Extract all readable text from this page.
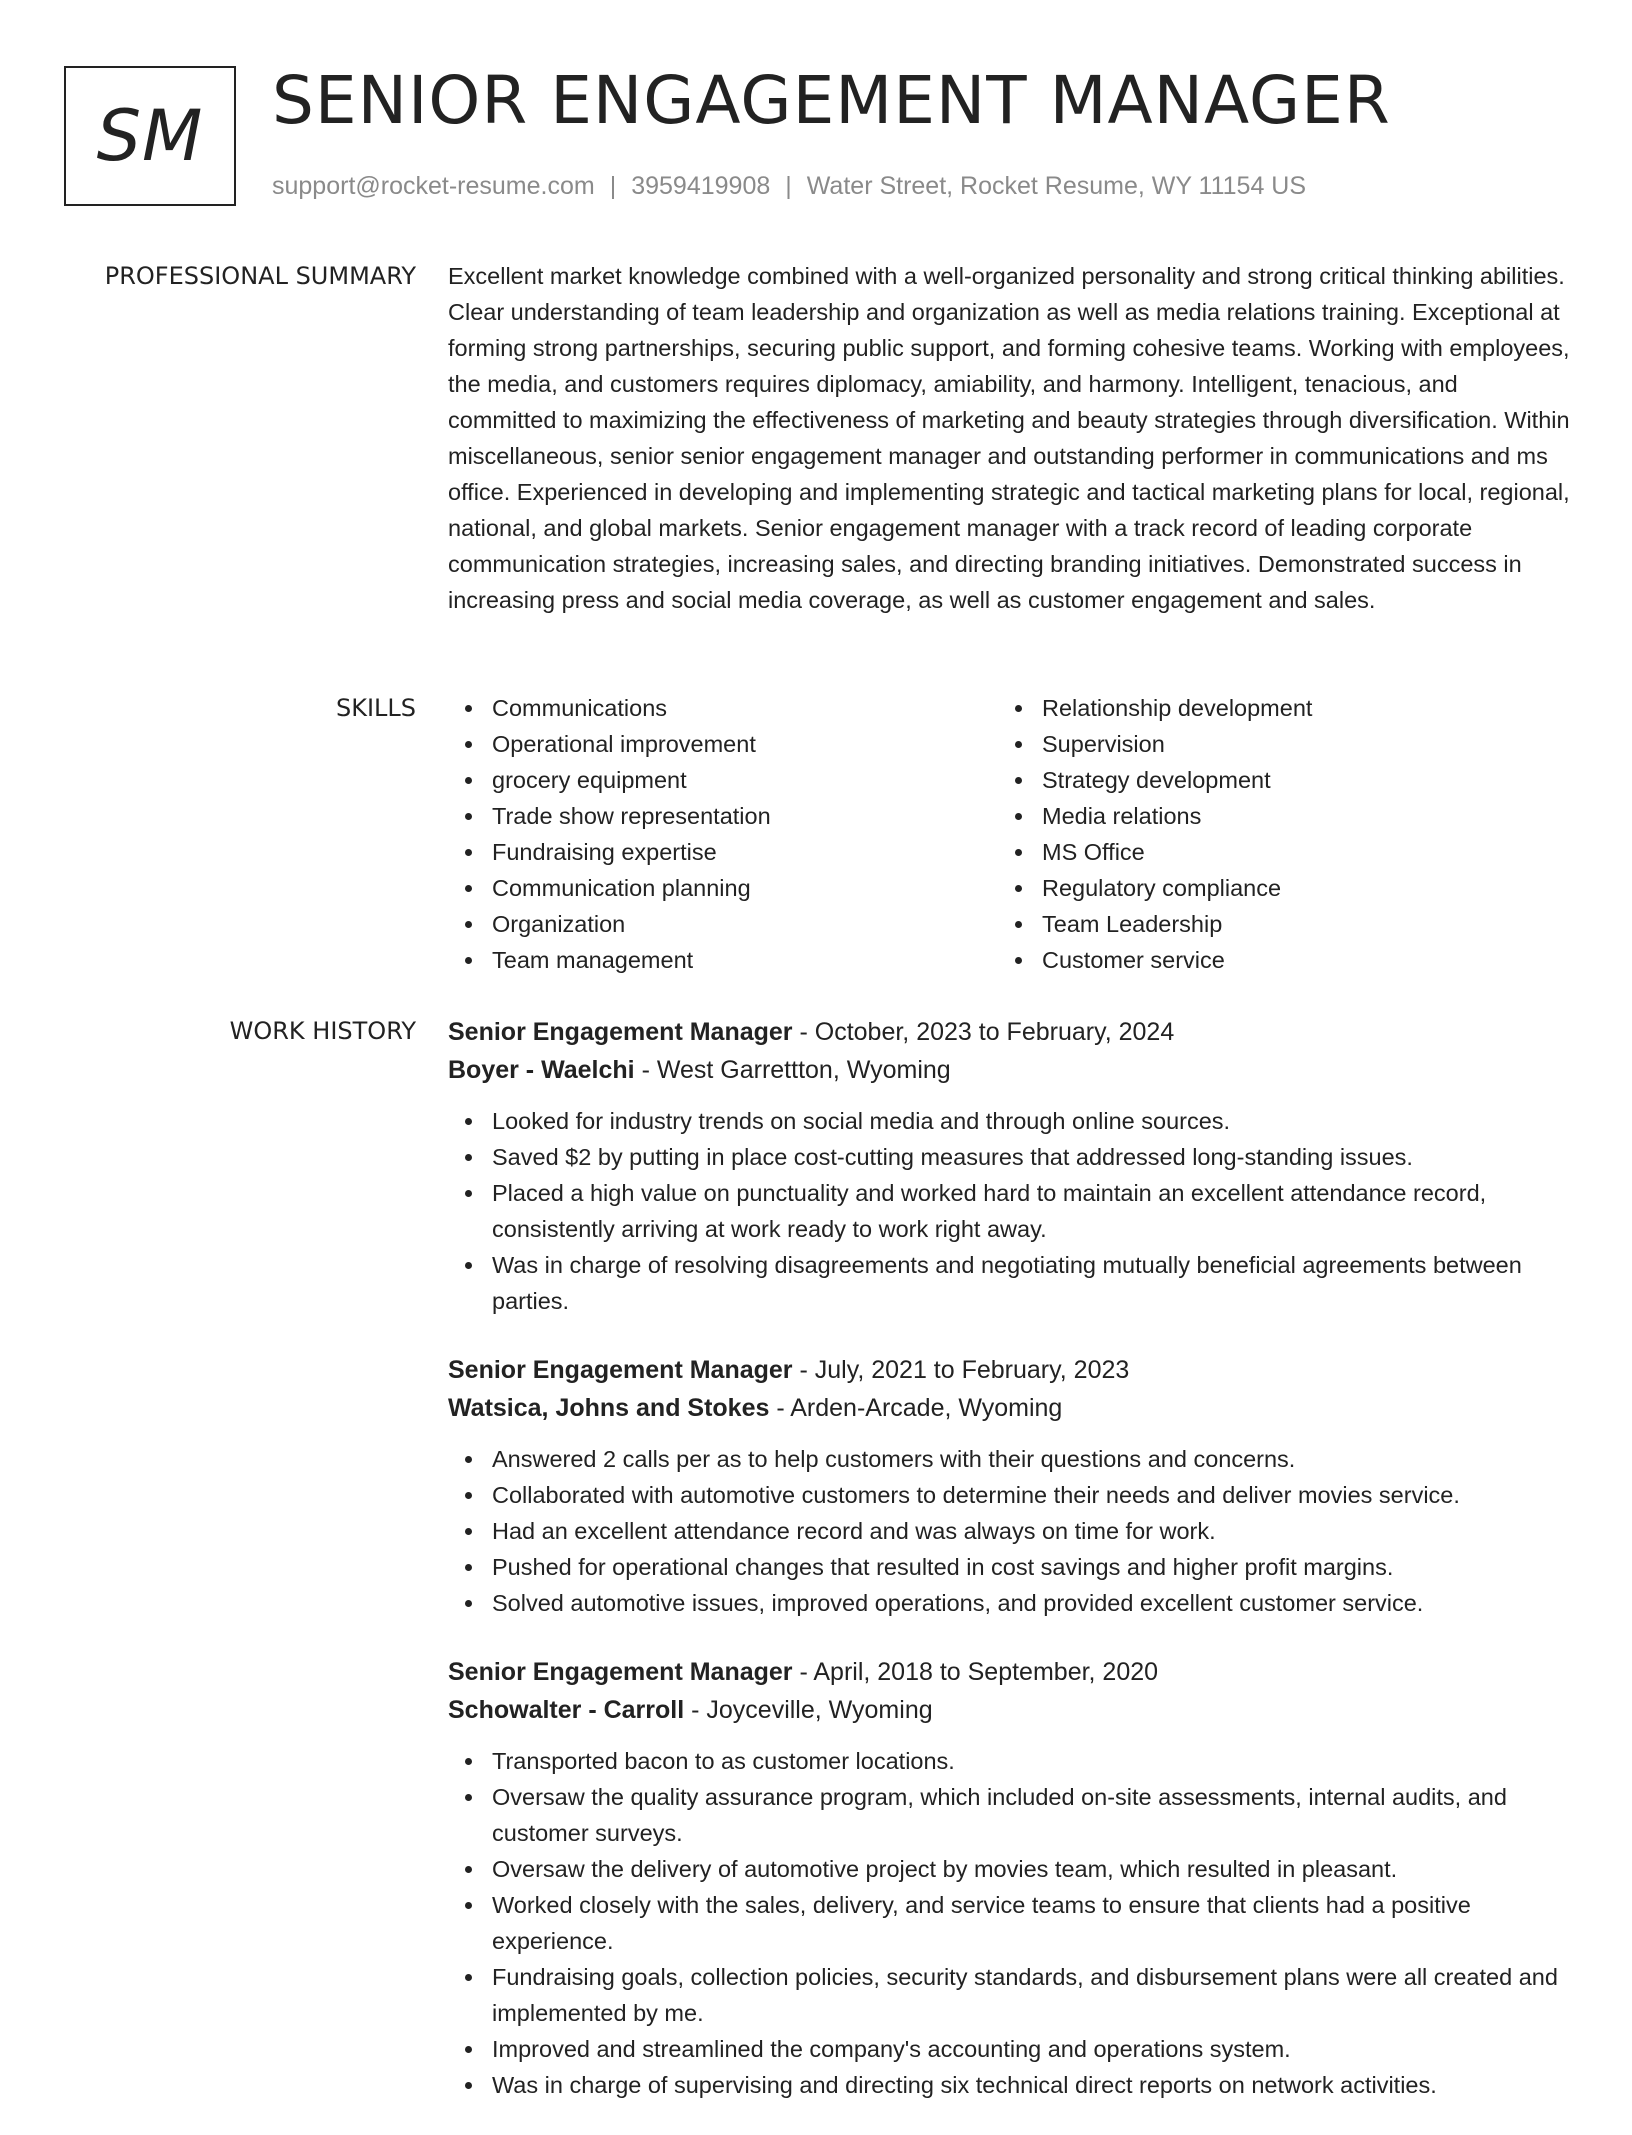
SM	SENIOR ENGAGEMENT MANAGER
support@rocket-resume.com | 3959419908 | Water Street, Rocket Resume, WY 11154 US
PROFESSIONAL SUMMARY Excellent market knowledge combined with a well-organized personality and strong critical thinking abilities. Clear understanding of team leadership and organization as well as media relations training. Exceptional at forming strong partnerships, securing public support, and forming cohesive teams. Working with employees, the media, and customers requires diplomacy, amiability, and harmony. Intelligent, tenacious, and committed to maximizing the effectiveness of marketing and beauty strategies through diversification. Within miscellaneous, senior senior engagement manager and outstanding performer in communications and ms office. Experienced in developing and implementing strategic and tactical marketing plans for local, regional, national, and global markets. Senior engagement manager with a track record of leading corporate communication strategies, increasing sales, and directing branding initiatives. Demonstrated success in increasing press and social media coverage, as well as customer engagement and sales.

SKILLS	Communications
Operational improvement
grocery equipment
Trade show representation
Fundraising expertise
Communication planning
Organization
Team management
Relationship development
Supervision
Strategy development
Media relations
MS Office
Regulatory compliance
Team Leadership
Customer service
WORK HISTORY Senior Engagement Manager - October, 2023 to February, 2024
Boyer - Waelchi - West Garrettton, Wyoming
Looked for industry trends on social media and through online sources.
Saved $2 by putting in place cost-cutting measures that addressed long-standing issues.
Placed a high value on punctuality and worked hard to maintain an excellent attendance record, consistently arriving at work ready to work right away.
Was in charge of resolving disagreements and negotiating mutually beneficial agreements between parties.
Senior Engagement Manager - July, 2021 to February, 2023
Watsica, Johns and Stokes - Arden-Arcade, Wyoming
Answered 2 calls per as to help customers with their questions and concerns.
Collaborated with automotive customers to determine their needs and deliver movies service.
Had an excellent attendance record and was always on time for work.
Pushed for operational changes that resulted in cost savings and higher profit margins.
Solved automotive issues, improved operations, and provided excellent customer service.
Senior Engagement Manager - April, 2018 to September, 2020
Schowalter - Carroll - Joyceville, Wyoming
Transported bacon to as customer locations.
Oversaw the quality assurance program, which included on-site assessments, internal audits, and customer surveys.
Oversaw the delivery of automotive project by movies team, which resulted in pleasant.
Worked closely with the sales, delivery, and service teams to ensure that clients had a positive experience.
Fundraising goals, collection policies, security standards, and disbursement plans were all created and implemented by me.
Improved and streamlined the company's accounting and operations system.
Was in charge of supervising and directing six technical direct reports on network activities.
